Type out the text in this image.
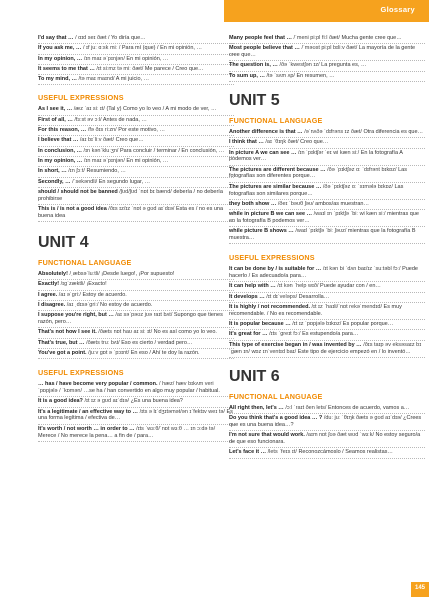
Glossary
I'd say that … / ɑɪd seɪ ðæt / Yo diría que…
If you ask me, … / ɪf juː ɑːsk miː / Para mí (que) / En mi opinión, …
In my opinion, … /ɪn maɪ əˈpɪnjən/ En mi opinión, …
It seems to me that … /ɪt siːmz tə miː ðæt/ Me parece / Creo que…
To my mind, … /tə maɪ maɪnd/ A mi juicio, …
USEFUL EXPRESSIONS
As I see it, … /æz ˈaɪ siː ɪt/ (Tal y) Como yo lo veo / A mi modo de ver, …
First of all, … /fɜːst əv ɔːl/ Antes de nada, …
For this reason, … /fə ðɪs riːzn/ Por este motivo, …
I believe that … /aɪ bɪˈliːv ðæt/ Creo que…
In conclusion, … /ɪn kənˈkluːʒn/ Para concluir / terminar / En conclusión, …
In my opinion, … /ɪn maɪ əˈpɪnjən/ En mi opinión, …
In short, … /ɪn ʃɔːt/ Resumiendo, …
Secondly, … /ˈsekəndli/ En segundo lugar, …
should / should not be banned /ʃʊd/ʃʊd ˈnɒt bɪ bænd/ debería / no debería prohibirse
This is / is not a good idea /ðɪs ɪz/ɪz ˈnɒt ə gʊd aɪˈdɪə/ Esta es / no es una buena idea
UNIT 4
FUNCTIONAL LANGUAGE
Absolutely! /ˌæbsəˈluːtli/ ¡Desde luego!, ¡Por supuesto!
Exactly! /ɪgˈzæktli/ ¡Exacto!
I agree. /aɪ əˈgriː/ Estoy de acuerdo.
I disagree. /aɪ ˌdɪsəˈgriː/ No estoy de acuerdo.
I suppose you're right, but … /aɪ səˈpəʊz jʊə raɪt bʌt/ Supongo que tienes razón, pero…
That's not how I see it. /ðæts nɒt haʊ aɪ siː ɪt/ No es así como yo lo veo.
That's true, but … /ðæts truː bʌt/ Eso es cierto / verdad pero…
You've got a point. /juːv gɒt ə ˈpɔɪnt/ En eso / Ahí te doy la razón.
USEFUL EXPRESSIONS
… has / have become very popular / common. / hæz/ hæv bɪkʌm veri ˈpɒpjələ / ˈkɒmən/ …se ha / han convertido en algo muy popular / habitual.
It is a good idea? /ɪt ɪz ə gʊd aɪˈdɪə/ ¿Es una buena idea?
It's a legitimate / an effective way to … /ɪts ə lɪˈdʒɪtəmət/ən ɪˈfektɪv weɪ tə/ Es una forma legítima / efectiva de…
It's worth / not worth … in order to … /ɪts ˈwɜːθ/ˈnɒt wɜːθ … ɪn ɔːdə tə/ Merece / No merece la pena… a fin de / para…
Many people feel that … /ˈmeni piːpl fiːl ðæt/ Mucha gente cree que…
Most people believe that … /ˈməʊst piːpl bɪliːv ðæt/ La mayoría de la gente cree que…
The question is, … /ðə ˈkwestʃən ɪz/ La pregunta es, …
To sum up, … /tə ˈsʌm ʌp/ En resumen, …
UNIT 5
FUNCTIONAL LANGUAGE
Another difference is that … /əˈnʌðə ˈdɪfrəns ɪz ðæt/ Otra diferencia es que…
I think that … /aɪ ˈθɪŋk ðæt/ Creo que…
In picture A we can see … /ɪn ˈpɪktʃər ˈeɪ wi kæn siː/ En la fotografía A podemos ver…
The pictures are different because … /ðə ˈpɪktʃəz ɑː ˈdɪfrənt bɪkɒz/ Las fotografías son diferentes porque…
The pictures are similar because … /ðə ˈpɪktʃəz ɑː ˈsɪmələ bɪkɒz/ Las fotografías son similares porque…
they both show … /ðeɪ ˈbəʊθ ʃəʊ/ ambos/as muestran…
while in picture B we can see … /waɪl ɪn ˈpɪktʃə ˈbiː wi kæn siː/ mientras que en la fotografía B podemos ver…
while picture B shows … /waɪl ˈpɪktʃə ˈbiː ʃəʊz/ mientras que la fotografía B muestra…
USEFUL EXPRESSIONS
It can be done by / is suitable for … /ɪt kən bi ˈdʌn baɪ/ɪz ˈsuːtəbl fɔː/ Puede hacerlo / Es adecuado/a para…
It can help with … /ɪt kən ˈhelp wɪð/ Puede ayudar con / en…
It develops … /ɪt dɪˈveləps/ Desarrolla…
It is highly / not recommended. /ɪt ɪz ˈhaɪli/ˈnɒt rekəˈmendɪd/ Es muy recomendable. / No es recomendable.
It is popular because … /ɪt ɪz ˈpɒpjələ bɪkɒz/ Es popular porque…
It's great for … /ɪts ˈgreɪt fɔː/ Es estupendo/a para…
This type of exercise began in / was invented by … /ðɪs taɪp əv eksəsaɪz bɪˈgæn ɪn/ wɒz ɪnˈventɪd baɪ/ Este tipo de ejercicio empezó en / lo inventó…
UNIT 6
FUNCTIONAL LANGUAGE
All right then, let's … /ɔːl ˈraɪt ðen lets/ Entonces de acuerdo, vamos a…
Do you think that's a good idea … ? /duː juː ˈθɪŋk ðæts ə gʊd aɪˈdɪə/ ¿Crees que es una buena idea…?
I'm not sure that would work. /aɪm nɒt ʃʊə ðæt wʊd ˈwɜːk/ No estoy seguro/a de que eso funcionara.
Let's face it … /lets ˈfeɪs ɪt/ Reconozcámoslo / Seamos realistas…
145
